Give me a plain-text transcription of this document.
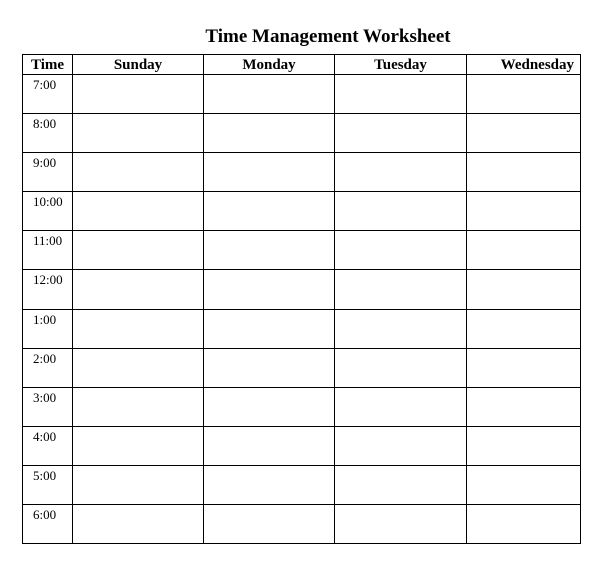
Time Management Worksheet
Time	Sunday	Monday	Tuesday	Wednesday
7:00				
8:00				
9:00				
10:00				
11:00				
12:00				
1:00				
2:00				
3:00				
4:00				
5:00				
6:00				
